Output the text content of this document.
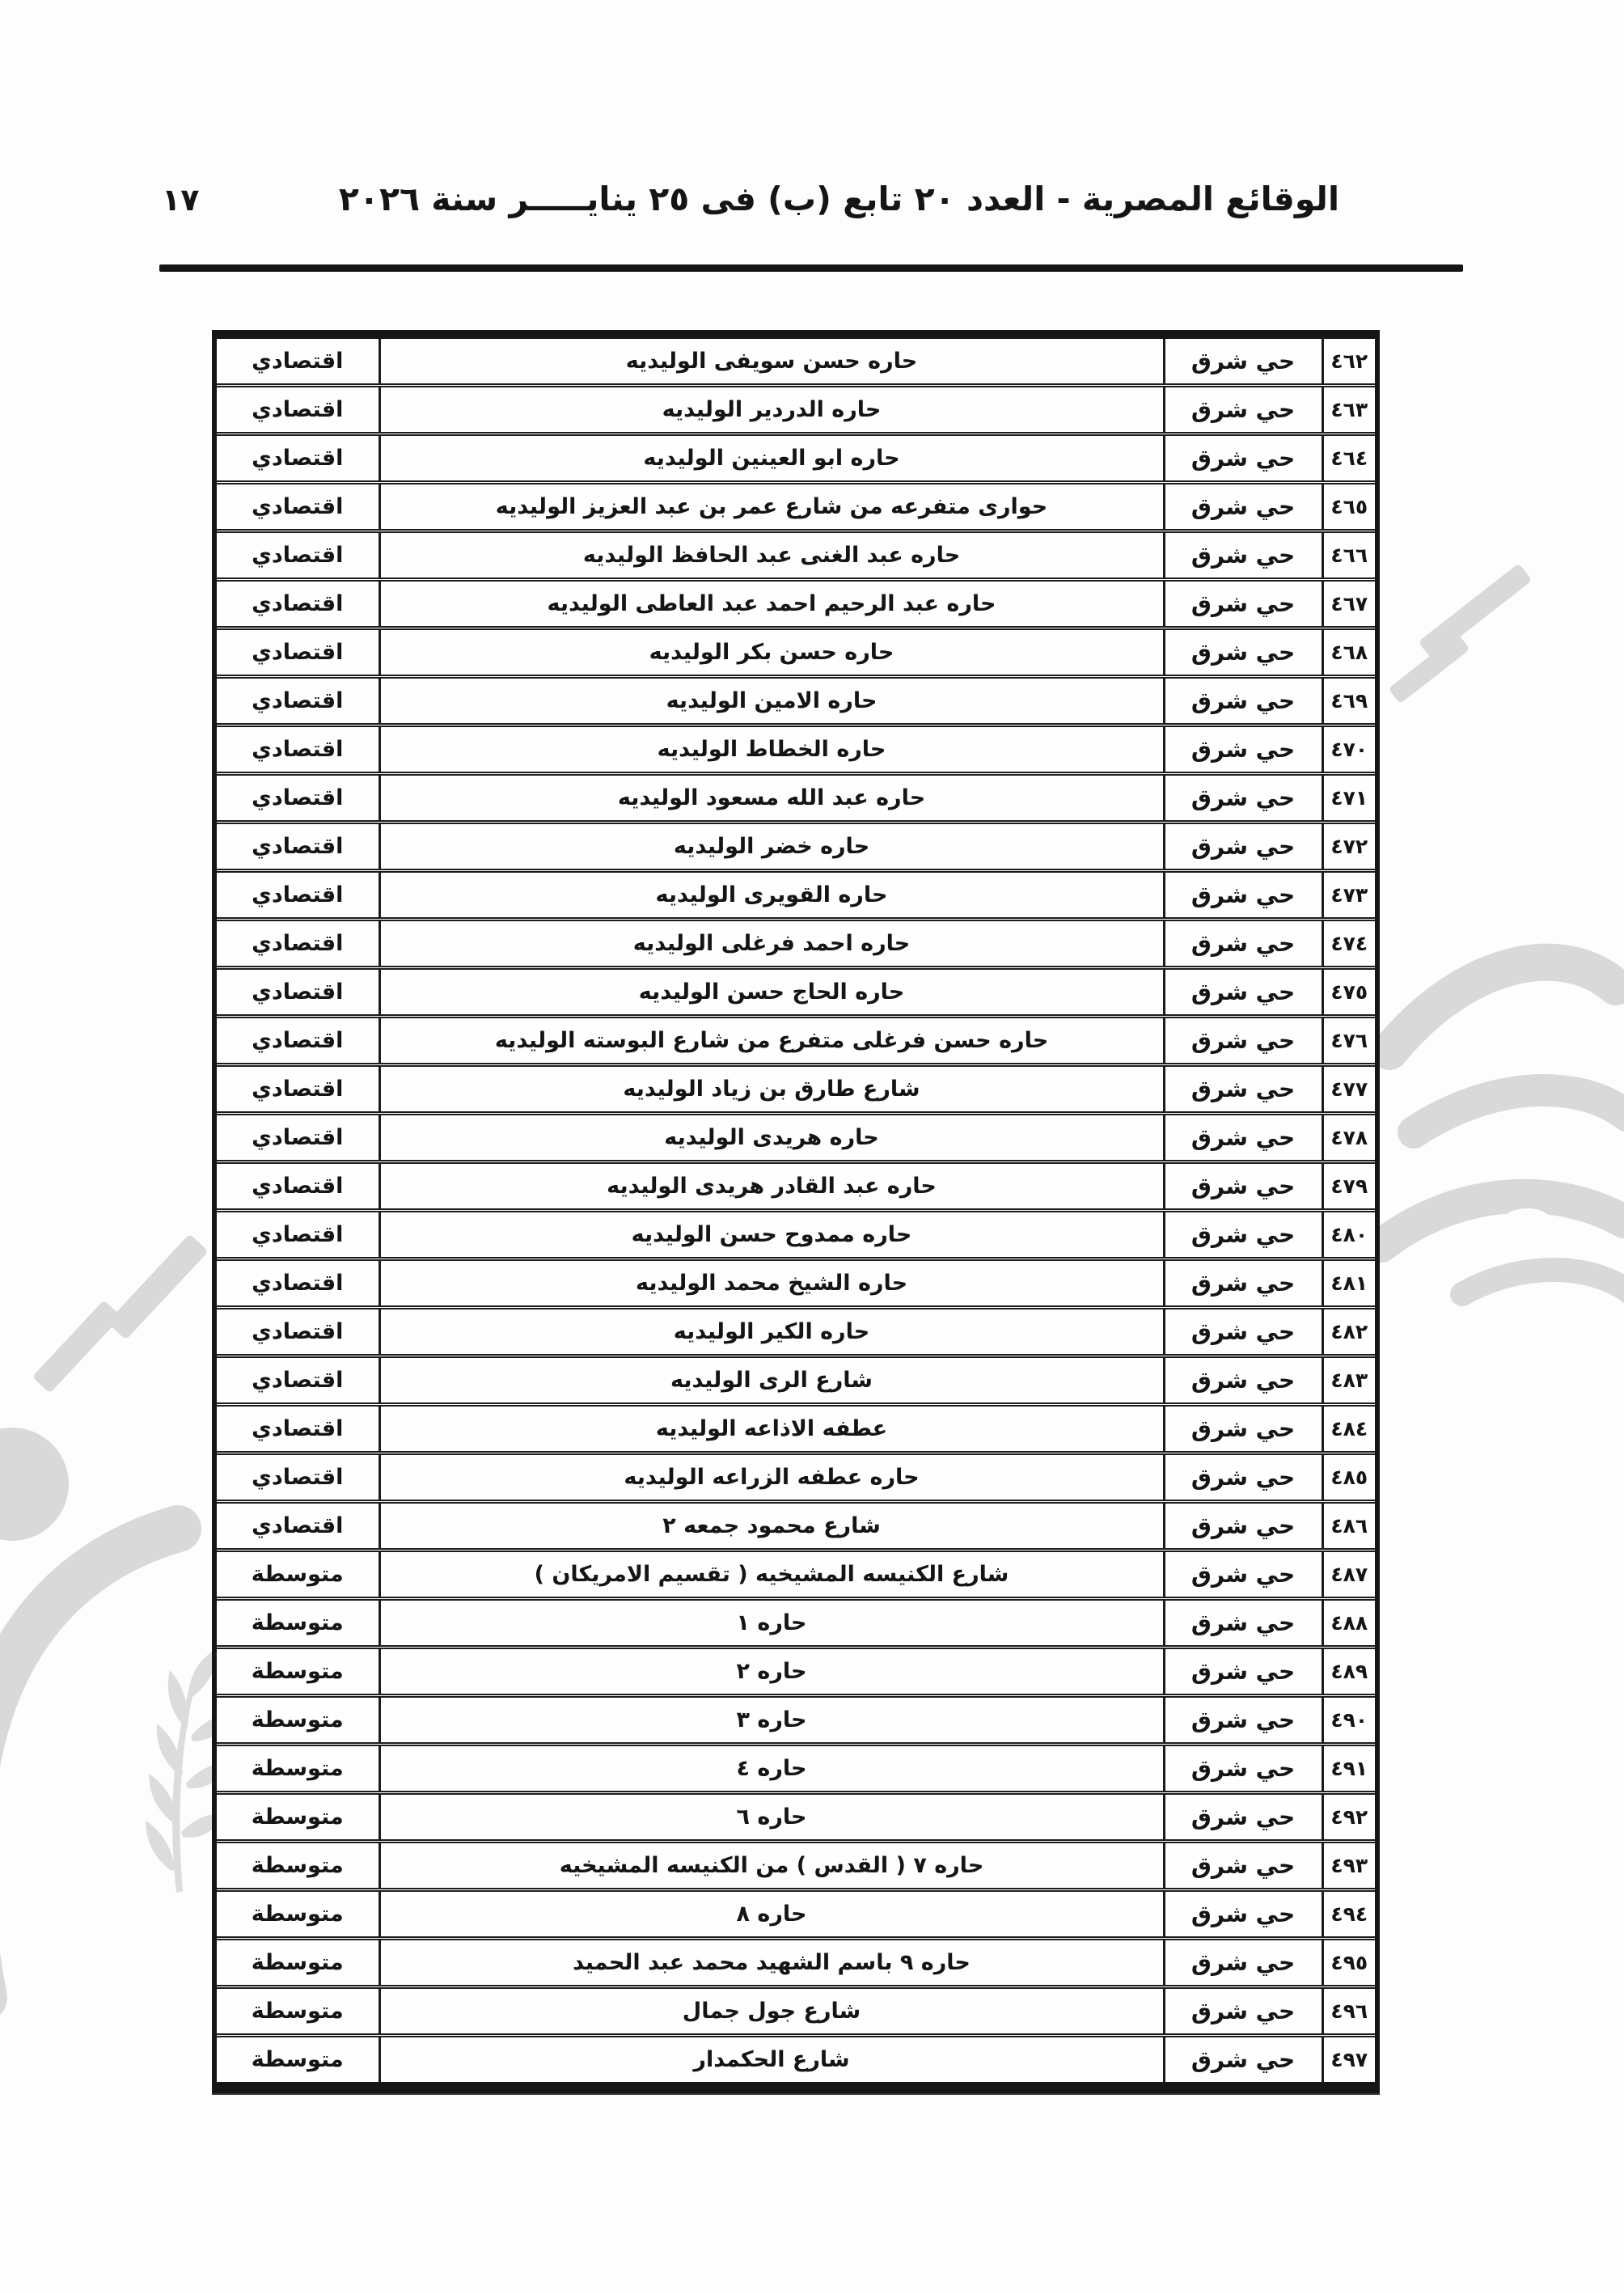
الوقائع المصرية - العدد ٢٠ تابع (ب) فى ٢٥ ينايـــــر سنة ٢٠٢٦
١٧
٤٦٢	حي شرق	حاره حسن سويفى الوليديه	اقتصادي
٤٦٣	حي شرق	حاره الدردير الوليديه	اقتصادي
٤٦٤	حي شرق	حاره ابو العينين الوليديه	اقتصادي
٤٦٥	حي شرق	حوارى متفرعه من شارع عمر بن عبد العزيز الوليديه	اقتصادي
٤٦٦	حي شرق	حاره عبد الغنى عبد الحافظ الوليديه	اقتصادي
٤٦٧	حي شرق	حاره عبد الرحيم احمد عبد العاطى الوليديه	اقتصادي
٤٦٨	حي شرق	حاره حسن بكر الوليديه	اقتصادي
٤٦٩	حي شرق	حاره الامين الوليديه	اقتصادي
٤٧٠	حي شرق	حاره الخطاط الوليديه	اقتصادي
٤٧١	حي شرق	حاره عبد الله مسعود الوليديه	اقتصادي
٤٧٢	حي شرق	حاره خضر الوليديه	اقتصادي
٤٧٣	حي شرق	حاره القويرى الوليديه	اقتصادي
٤٧٤	حي شرق	حاره احمد فرغلى الوليديه	اقتصادي
٤٧٥	حي شرق	حاره الحاج حسن الوليديه	اقتصادي
٤٧٦	حي شرق	حاره حسن فرغلى متفرع من شارع البوسته الوليديه	اقتصادي
٤٧٧	حي شرق	شارع طارق بن زياد الوليديه	اقتصادي
٤٧٨	حي شرق	حاره هريدى الوليديه	اقتصادي
٤٧٩	حي شرق	حاره عبد القادر هريدى الوليديه	اقتصادي
٤٨٠	حي شرق	حاره ممدوح حسن الوليديه	اقتصادي
٤٨١	حي شرق	حاره الشيخ محمد الوليديه	اقتصادي
٤٨٢	حي شرق	حاره الكير الوليديه	اقتصادي
٤٨٣	حي شرق	شارع الرى الوليديه	اقتصادي
٤٨٤	حي شرق	عطفه الاذاعه الوليديه	اقتصادي
٤٨٥	حي شرق	حاره عطفه الزراعه الوليديه	اقتصادي
٤٨٦	حي شرق	شارع محمود جمعه ٢	اقتصادي
٤٨٧	حي شرق	شارع الكنيسه المشيخيه ( تقسيم الامريكان )	متوسطة
٤٨٨	حي شرق	حاره ١	متوسطة
٤٨٩	حي شرق	حاره ٢	متوسطة
٤٩٠	حي شرق	حاره ٣	متوسطة
٤٩١	حي شرق	حاره ٤	متوسطة
٤٩٢	حي شرق	حاره ٦	متوسطة
٤٩٣	حي شرق	حاره ٧ ( القدس ) من الكنيسه المشيخيه	متوسطة
٤٩٤	حي شرق	حاره ٨	متوسطة
٤٩٥	حي شرق	حاره ٩ باسم الشهيد محمد عبد الحميد	متوسطة
٤٩٦	حي شرق	شارع جول جمال	متوسطة
٤٩٧	حي شرق	شارع الحكمدار	متوسطة
